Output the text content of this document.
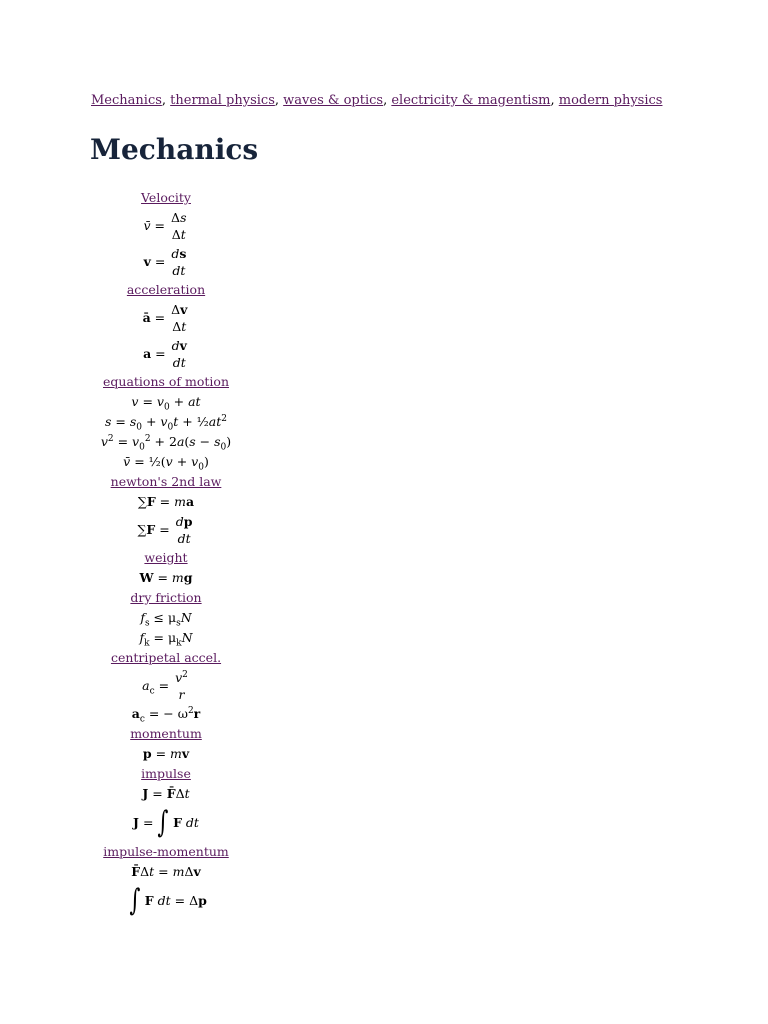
Mechanics, thermal physics, waves & optics, electricity & magentism, modern physics
Mechanics
Velocity
v̄ =
Δs
Δt
v =
ds
dt
acceleration
ā =
Δv
Δt
a =
dv
dt
equations of motion
$v = v_0$ + at
$s = s_0 + v_0t$ + $\frac{1}{2}at^2$
$v^2 = v_0^2 + 2a(s - s_0)$
v̄ = ½(v + $v_0$)
newton's 2nd law
∑F = ma
∑F =
dp
dt
weight
W = mg
dry friction
$f_s \le \mu_sN$
$f_k = \mu_kN$
centripetal accel.
$a_c$ =
$v^2$
r
$a_c$ = − $\omega^2r$
momentum
p = mv
impulse
J = F̄Δt
J = ∫ F dt
impulse-momentum
F̄Δt = mΔv
∫ F dt = Δp
